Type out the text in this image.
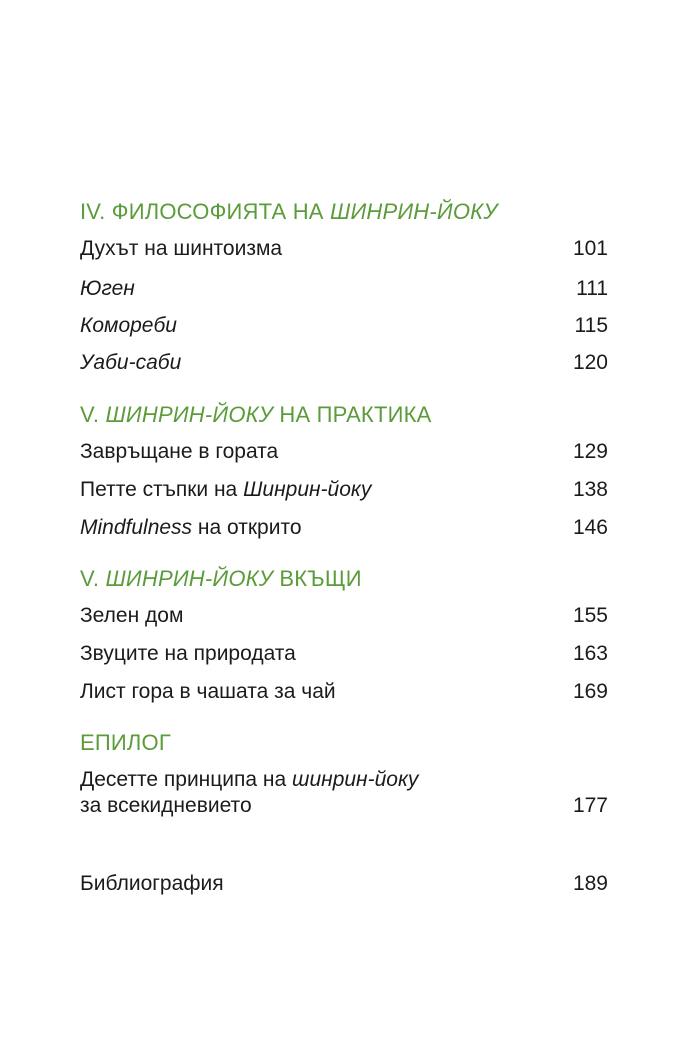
IV. ФИЛОСОФИЯТА НА ШИНРИН-ЙОКУ
Духът на шинтоизма	101
Юген	111
Комореби	115
Уаби-саби	120
V. ШИНРИН-ЙОКУ НА ПРАКТИКА
Завръщане в гората	129
Петте стъпки на Шинрин-йоку	138
Mindfulness на открито	146
V. ШИНРИН-ЙОКУ ВКЪЩИ
Зелен дом	155
Звуците на природата	163
Лист гора в чашата за чай	169
ЕПИЛОГ
Десетте принципа на шинрин-йоку
за всекидневието	177
Библиография	189
